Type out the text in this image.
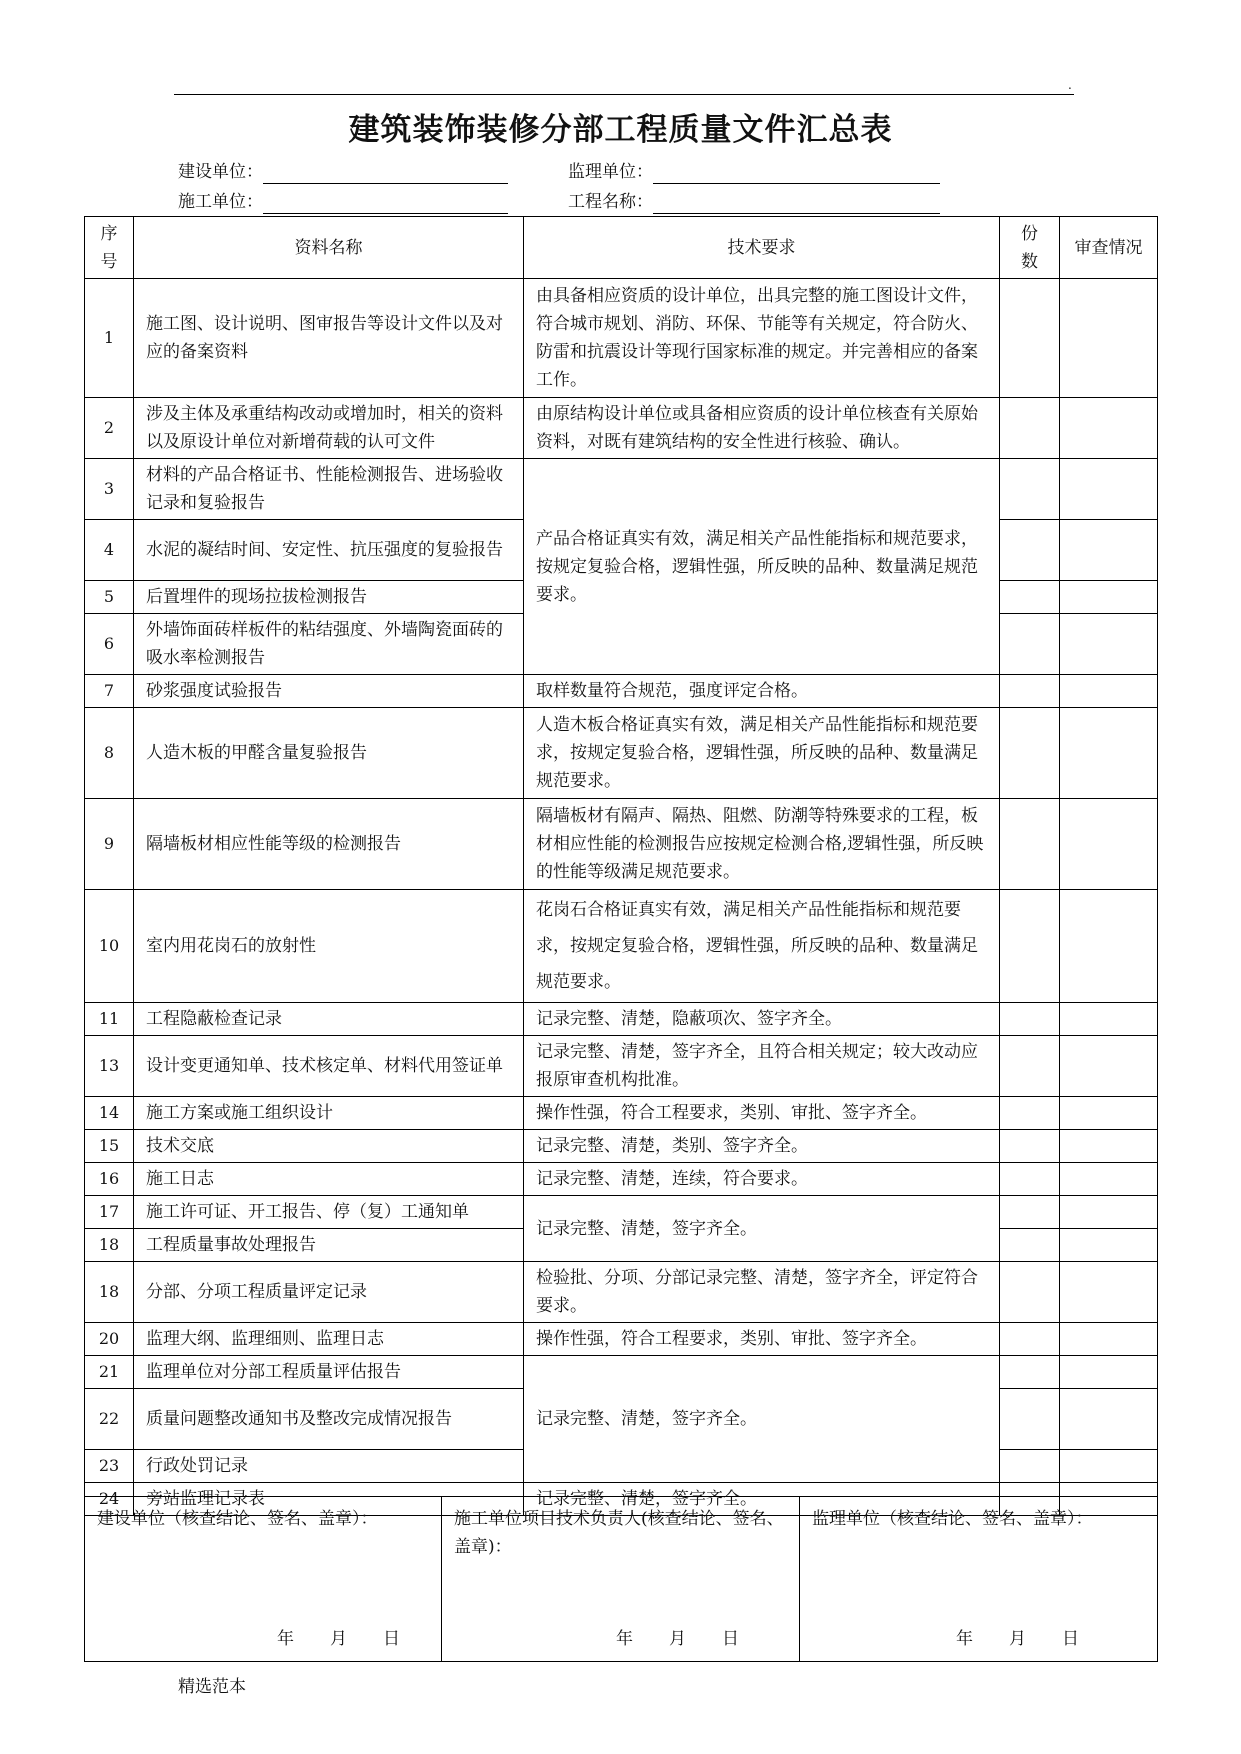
.
建筑装饰装修分部工程质量文件汇总表
建设单位：	监理单位：
施工单位：	工程名称：
序号	资料名称	技术要求	份数	审查情况
1	施工图、设计说明、图审报告等设计文件以及对应的备案资料	由具备相应资质的设计单位，出具完整的施工图设计文件，符合城市规划、消防、环保、节能等有关规定，符合防火、防雷和抗震设计等现行国家标准的规定。并完善相应的备案工作。		
2	涉及主体及承重结构改动或增加时，相关的资料以及原设计单位对新增荷载的认可文件	由原结构设计单位或具备相应资质的设计单位核查有关原始资料，对既有建筑结构的安全性进行核验、确认。		
3	材料的产品合格证书、性能检测报告、进场验收记录和复验报告	产品合格证真实有效，满足相关产品性能指标和规范要求，按规定复验合格，逻辑性强，所反映的品种、数量满足规范要求。		
4	水泥的凝结时间、安定性、抗压强度的复验报告			
5	后置埋件的现场拉拔检测报告			
6	外墙饰面砖样板件的粘结强度、外墙陶瓷面砖的吸水率检测报告			
7	砂浆强度试验报告	取样数量符合规范，强度评定合格。		
8	人造木板的甲醛含量复验报告	人造木板合格证真实有效，满足相关产品性能指标和规范要求，按规定复验合格，逻辑性强，所反映的品种、数量满足规范要求。		
9	隔墙板材相应性能等级的检测报告	隔墙板材有隔声、隔热、阻燃、防潮等特殊要求的工程，板材相应性能的检测报告应按规定检测合格,逻辑性强，所反映的性能等级满足规范要求。		
10	室内用花岗石的放射性	花岗石合格证真实有效，满足相关产品性能指标和规范要求，按规定复验合格，逻辑性强，所反映的品种、数量满足规范要求。		
11	工程隐蔽检查记录	记录完整、清楚，隐蔽项次、签字齐全。		
13	设计变更通知单、技术核定单、材料代用签证单	记录完整、清楚，签字齐全，且符合相关规定；较大改动应报原审查机构批准。		
14	施工方案或施工组织设计	操作性强，符合工程要求，类别、审批、签字齐全。		
15	技术交底	记录完整、清楚，类别、签字齐全。		
16	施工日志	记录完整、清楚，连续，符合要求。		
17	施工许可证、开工报告、停（复）工通知单	记录完整、清楚，签字齐全。		
18	工程质量事故处理报告			
18	分部、分项工程质量评定记录	检验批、分项、分部记录完整、清楚，签字齐全，评定符合要求。		
20	监理大纲、监理细则、监理日志	操作性强，符合工程要求，类别、审批、签字齐全。		
21	监理单位对分部工程质量评估报告	记录完整、清楚，签字齐全。		
22	质量问题整改通知书及整改完成情况报告			
23	行政处罚记录			
24	旁站监理记录表	记录完整、清楚，签字齐全。		
建设单位（核查结论、签名、盖章）：
年 月 日

施工单位项目技术负责人(核查结论、签名、盖章)：
年 月 日

监理单位（核查结论、签名、盖章）：
年 月 日
精选范本
